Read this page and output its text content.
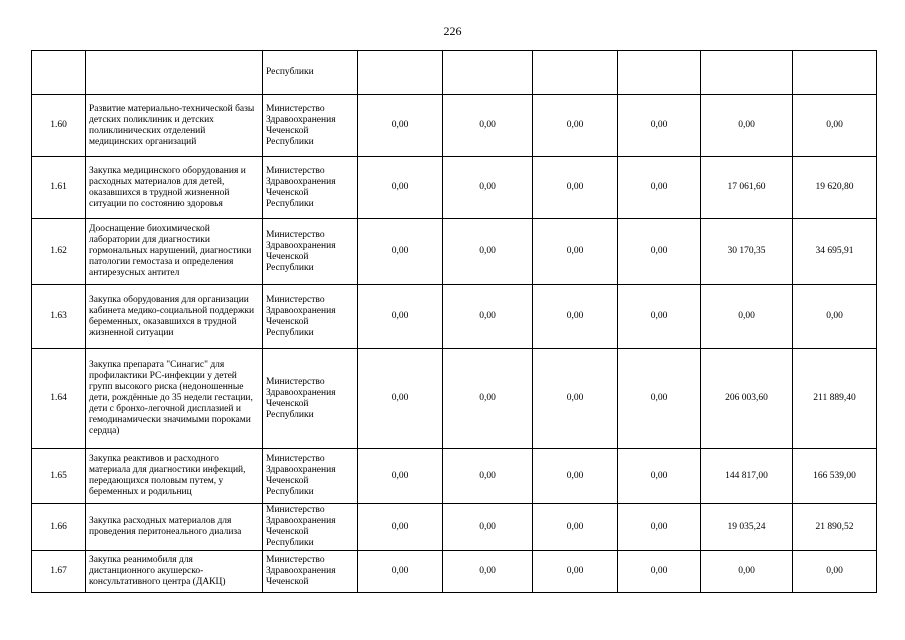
226
		Республики						
1.60	Развитие материально-технической базы детских поликлиник и детских поликлинических отделений медицинских организаций	Министерство Здравоохранения Чеченской Республики	0,00	0,00	0,00	0,00	0,00	0,00
1.61	Закупка медицинского оборудования и расходных материалов для детей, оказавшихся в трудной жизненной ситуации по состоянию здоровья	Министерство Здравоохранения Чеченской Республики	0,00	0,00	0,00	0,00	17 061,60	19 620,80
1.62	Дооснащение биохимической лаборатории для диагностики гормональных нарушений, диагностики патологии гемостаза и определения антирезусных антител	Министерство Здравоохранения Чеченской Республики	0,00	0,00	0,00	0,00	30 170,35	34 695,91
1.63	Закупка оборудования для организации кабинета медико-социальной поддержки беременных, оказавшихся в трудной жизненной ситуации	Министерство Здравоохранения Чеченской Республики	0,00	0,00	0,00	0,00	0,00	0,00
1.64	Закупка препарата "Синагис" для профилактики РС-инфекции у детей групп высокого риска (недоношенные дети, рождённые до 35 недели гестации, дети с бронхо-легочной дисплазией и гемодинамически значимыми пороками сердца)	Министерство Здравоохранения Чеченской Республики	0,00	0,00	0,00	0,00	206 003,60	211 889,40
1.65	Закупка реактивов и расходного материала для диагностики инфекций, передающихся половым путем, у беременных и родильниц	Министерство Здравоохранения Чеченской Республики	0,00	0,00	0,00	0,00	144 817,00	166 539,00
1.66	Закупка расходных материалов для проведения перитонеального диализа	Министерство Здравоохранения Чеченской Республики	0,00	0,00	0,00	0,00	19 035,24	21 890,52
1.67	Закупка реанимобиля для дистанционного акушерско-консультативного центра (ДАКЦ)	Министерство Здравоохранения Чеченской	0,00	0,00	0,00	0,00	0,00	0,00
